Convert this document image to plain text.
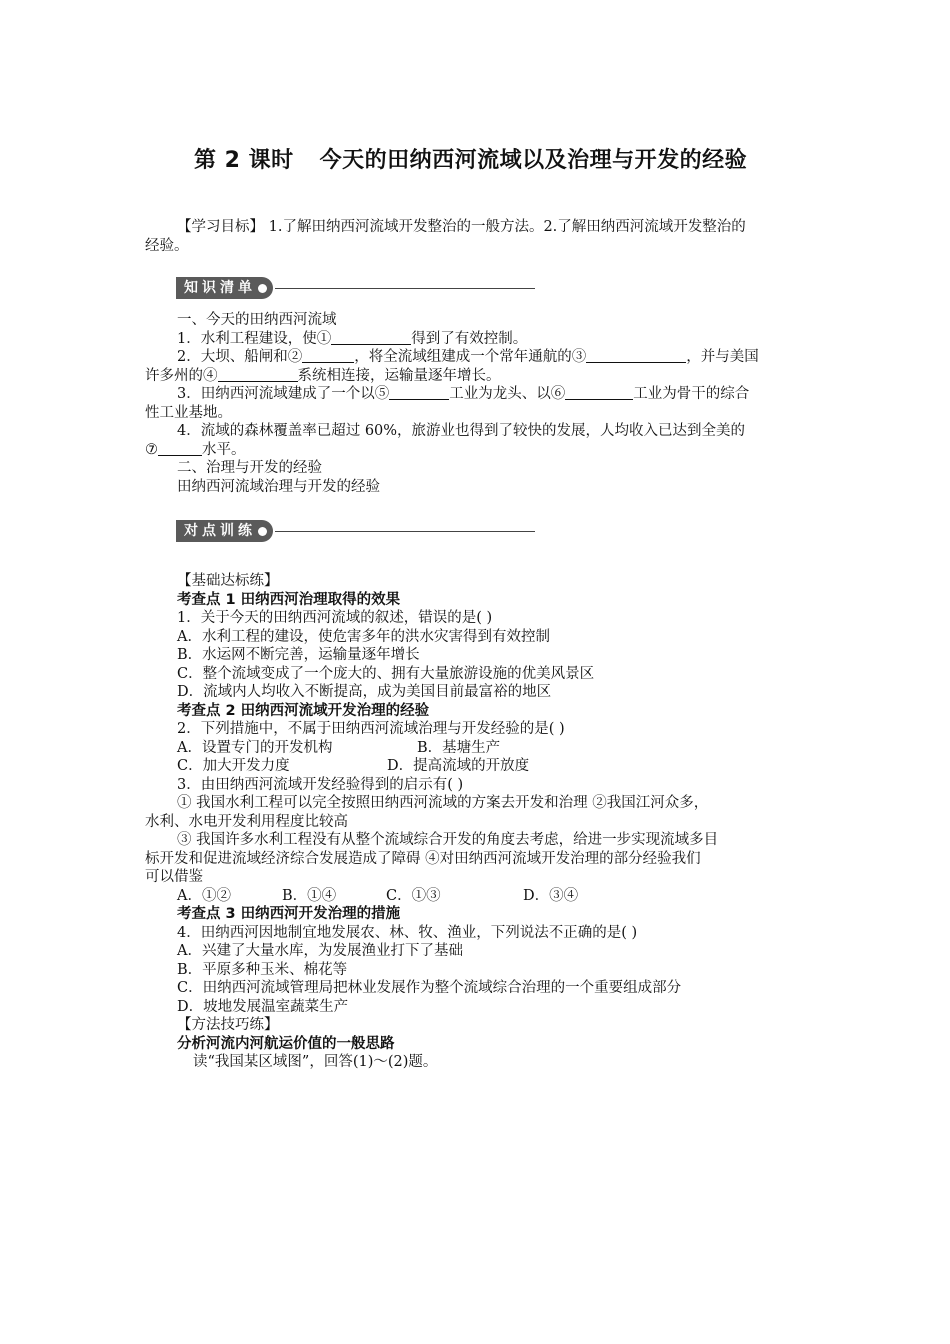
第 2 课时 今天的田纳西河流域以及治理与开发的经验
【学习目标】 1.了解田纳西河流域开发整治的一般方法。2.了解田纳西河流域开发整治的
经验。
知识清单
一、今天的田纳西河流域
1．水利工程建设，使①	得到了有效控制。
2．大坝、船闸和②	，将全流域组建成一个常年通航的③	，并与美国
许多州的④	系统相连接，运输量逐年增长。
3．田纳西河流域建成了一个以⑤	工业为龙头、以⑥	工业为骨干的综合
性工业基地。
4．流域的森林覆盖率已超过 60%，旅游业也得到了较快的发展，人均收入已达到全美的
⑦	水平。
二、治理与开发的经验
田纳西河流域治理与开发的经验
对点训练
【基础达标练】
考查点 1 田纳西河治理取得的效果
1．关于今天的田纳西河流域的叙述，错误的是( )
A．水利工程的建设，使危害多年的洪水灾害得到有效控制
B．水运网不断完善，运输量逐年增长
C．整个流域变成了一个庞大的、拥有大量旅游设施的优美风景区
D．流域内人均收入不断提高，成为美国目前最富裕的地区
考查点 2 田纳西河流域开发治理的经验
2．下列措施中，不属于田纳西河流域治理与开发经验的是( )
A．设置专门的开发机构	B．基塘生产
C．加大开发力度	D．提高流域的开放度
3．由田纳西河流域开发经验得到的启示有( )
① 我国水利工程可以完全按照田纳西河流域的方案去开发和治理 ②我国江河众多，
水利、水电开发利用程度比较高
③ 我国许多水利工程没有从整个流域综合开发的角度去考虑，给进一步实现流域多目
标开发和促进流域经济综合发展造成了障碍 ④对田纳西河流域开发治理的部分经验我们
可以借鉴
A．①②	B．①④	C．①③	D．③④
考查点 3 田纳西河开发治理的措施
4．田纳西河因地制宜地发展农、林、牧、渔业，下列说法不正确的是( )
A．兴建了大量水库，为发展渔业打下了基础
B．平原多种玉米、棉花等
C．田纳西河流域管理局把林业发展作为整个流域综合治理的一个重要组成部分
D．坡地发展温室蔬菜生产
【方法技巧练】
分析河流内河航运价值的一般思路
读“我国某区域图”，回答(1)～(2)题。
